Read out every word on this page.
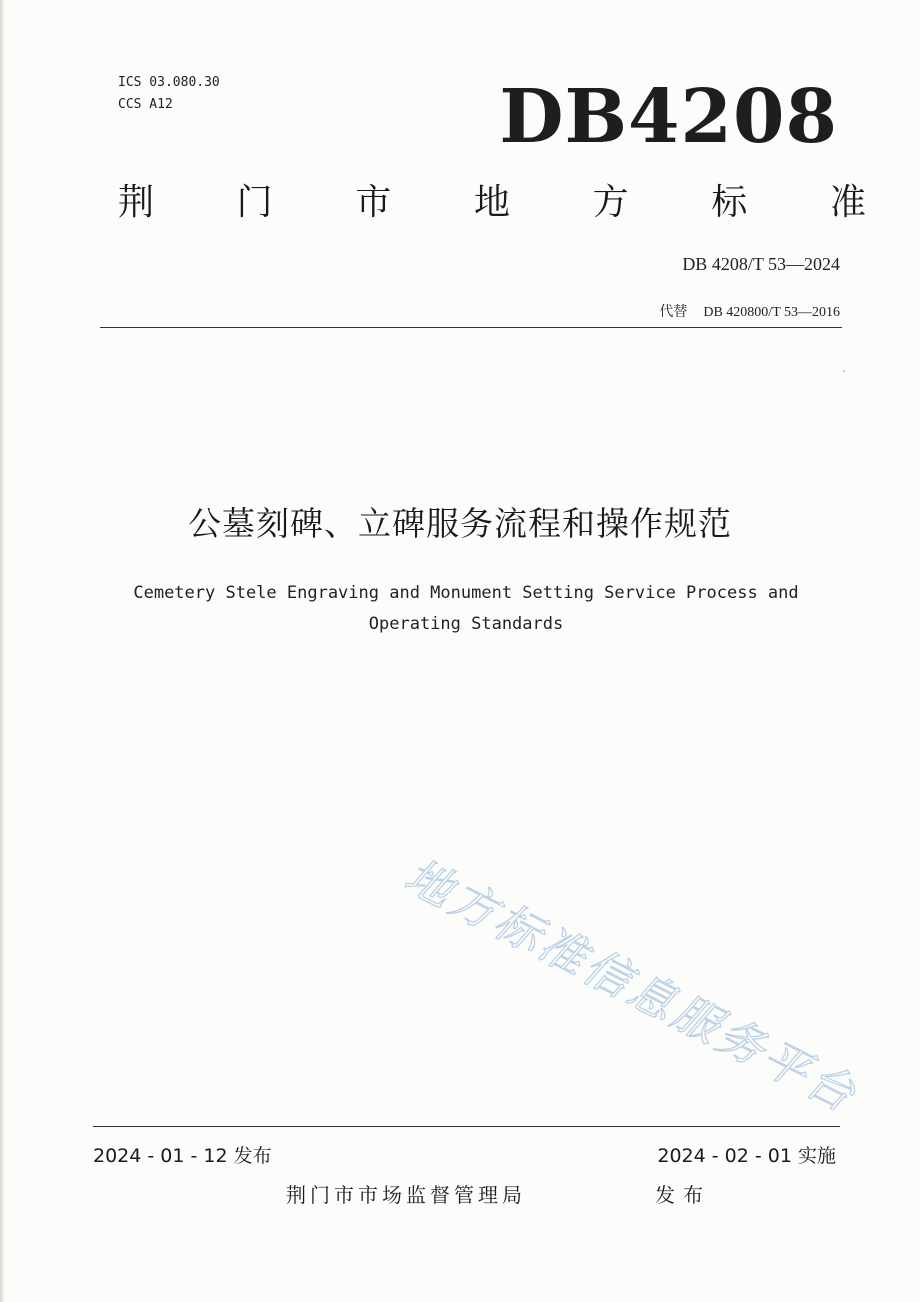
ICS 03.080.30
CCS A12	DB4208
荆 门 市 地 方 标 准
DB 4208/T 53—2024
代替 DB 420800/T 53—2016
公墓刻碑、立碑服务流程和操作规范
Cemetery Stele Engraving and Monument Setting Service Process and
Operating Standards
地方标准信息服务平台
2024 - 01 - 12 发布	2024 - 02 - 01 实施
荆门市市场监督管理局	发布
